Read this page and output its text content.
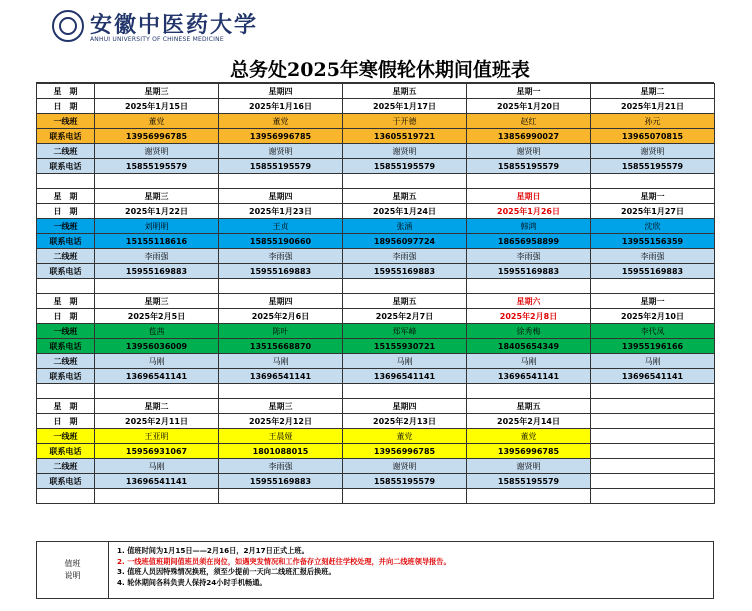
安徽中医药大学
ANHUI UNIVERSITY OF CHINESE MEDICINE
总务处2025年寒假轮休期间值班表
星　期	星期三	星期四	星期五	星期一	星期二
日　期	2025年1月15日	2025年1月16日	2025年1月17日	2025年1月20日	2025年1月21日
一线班	董党	董党	于开德	赵红	孙元
联系电话	13956996785	13956996785	13605519721	13856990027	13965070815
二线班	谢贤明	谢贤明	谢贤明	谢贤明	谢贤明
联系电话	15855195579	15855195579	15855195579	15855195579	15855195579

星　期	星期三	星期四	星期五	星期日	星期一
日　期	2025年1月22日	2025年1月23日	2025年1月24日	2025年1月26日	2025年1月27日
一线班	刘明明	王贞	张涵	韩鸿	沈欣
联系电话	15155118616	15855190660	18956097724	18656958899	13955156359
二线班	李雨强	李雨强	李雨强	李雨强	李雨强
联系电话	15955169883	15955169883	15955169883	15955169883	15955169883

星　期	星期三	星期四	星期五	星期六	星期一
日　期	2025年2月5日	2025年2月6日	2025年2月7日	2025年2月8日	2025年2月10日
一线班	苞茜	陈叶	郑军峰	徐秀梅	李代凤
联系电话	13956036009	13515668870	15155930721	18405654349	13955196166
二线班	马刚	马刚	马刚	马刚	马刚
联系电话	13696541141	13696541141	13696541141	13696541141	13696541141

星　期	星期二	星期三	星期四	星期五	
日　期	2025年2月11日	2025年2月12日	2025年2月13日	2025年2月14日	
一线班	王亚明	王晨娅	董党	董党	
联系电话	15956931067	1801088015	13956996785	13956996785	
二线班	马刚	李雨强	谢贤明	谢贤明	
联系电话	13696541141	15955169883	15855195579	15855195579	

值班
说明
1. 值班时间为1月15日——2月16日，2月17日正式上班。
2. 一线班值班期间值班员须在岗位，如遇突发情况和工作备存立刻赶往学校处理，并向二线班领导报告。
3. 值班人员因特殊情况换班，须至少提前一天向二线班汇报后换班。
4. 轮休期间各科负责人保持24小时手机畅通。
